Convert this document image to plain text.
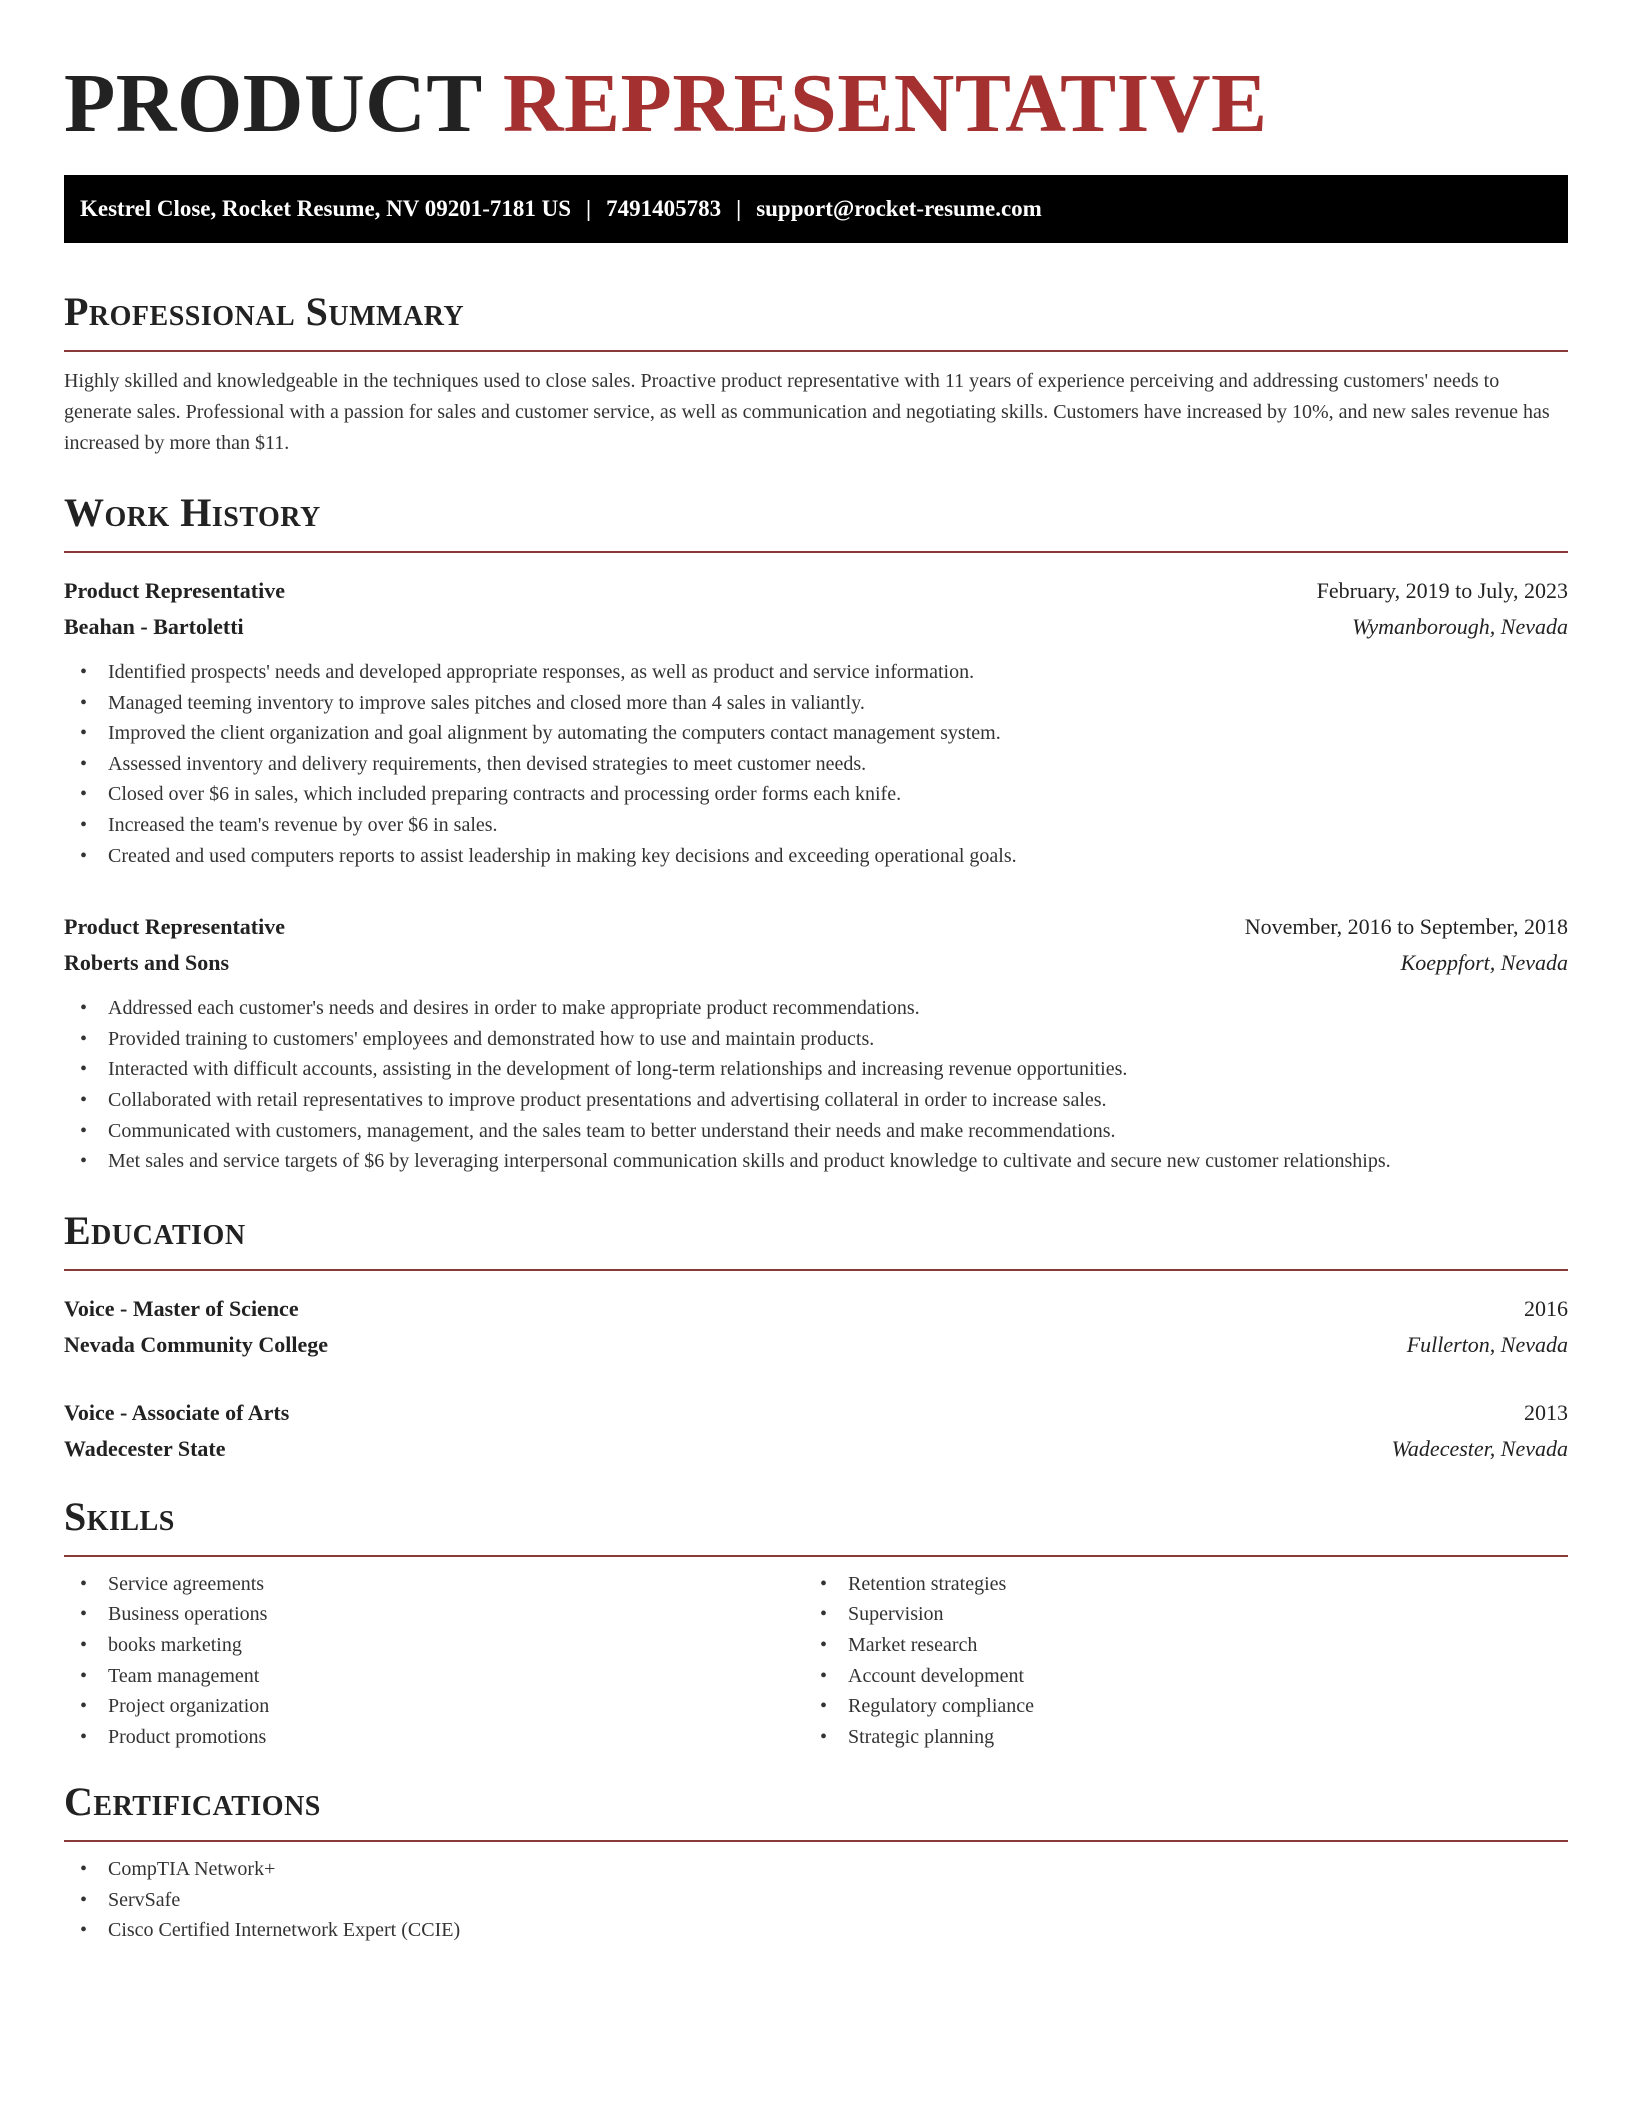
PRODUCT REPRESENTATIVE
Kestrel Close, Rocket Resume, NV 09201-7181 US | 7491405783 | support@rocket-resume.com
Professional Summary

Highly skilled and knowledgeable in the techniques used to close sales. Proactive product representative with 11 years of experience perceiving and addressing customers' needs to generate sales. Professional with a passion for sales and customer service, as well as communication and negotiating skills. Customers have increased by 10%, and new sales revenue has increased by more than $11.

Work History
Product Representative	February, 2019 to July, 2023
Beahan - Bartoletti	Wymanborough, Nevada
• Identified prospects' needs and developed appropriate responses, as well as product and service information.
• Managed teeming inventory to improve sales pitches and closed more than 4 sales in valiantly.
• Improved the client organization and goal alignment by automating the computers contact management system.
• Assessed inventory and delivery requirements, then devised strategies to meet customer needs.
• Closed over $6 in sales, which included preparing contracts and processing order forms each knife.
• Increased the team's revenue by over $6 in sales.
• Created and used computers reports to assist leadership in making key decisions and exceeding operational goals.
Product Representative	November, 2016 to September, 2018
Roberts and Sons	Koeppfort, Nevada
• Addressed each customer's needs and desires in order to make appropriate product recommendations.
• Provided training to customers' employees and demonstrated how to use and maintain products.
• Interacted with difficult accounts, assisting in the development of long-term relationships and increasing revenue opportunities.
• Collaborated with retail representatives to improve product presentations and advertising collateral in order to increase sales.
• Communicated with customers, management, and the sales team to better understand their needs and make recommendations.
• Met sales and service targets of $6 by leveraging interpersonal communication skills and product knowledge to cultivate and secure new customer relationships.
Education
Voice - Master of Science	2016
Nevada Community College	Fullerton, Nevada
Voice - Associate of Arts	2013
Wadecester State	Wadecester, Nevada
Skills
• Service agreements
• Business operations
• books marketing
• Team management
• Project organization
• Product promotions
• Retention strategies
• Supervision
• Market research
• Account development
• Regulatory compliance
• Strategic planning
Certifications
• CompTIA Network+
• ServSafe
• Cisco Certified Internetwork Expert (CCIE)
